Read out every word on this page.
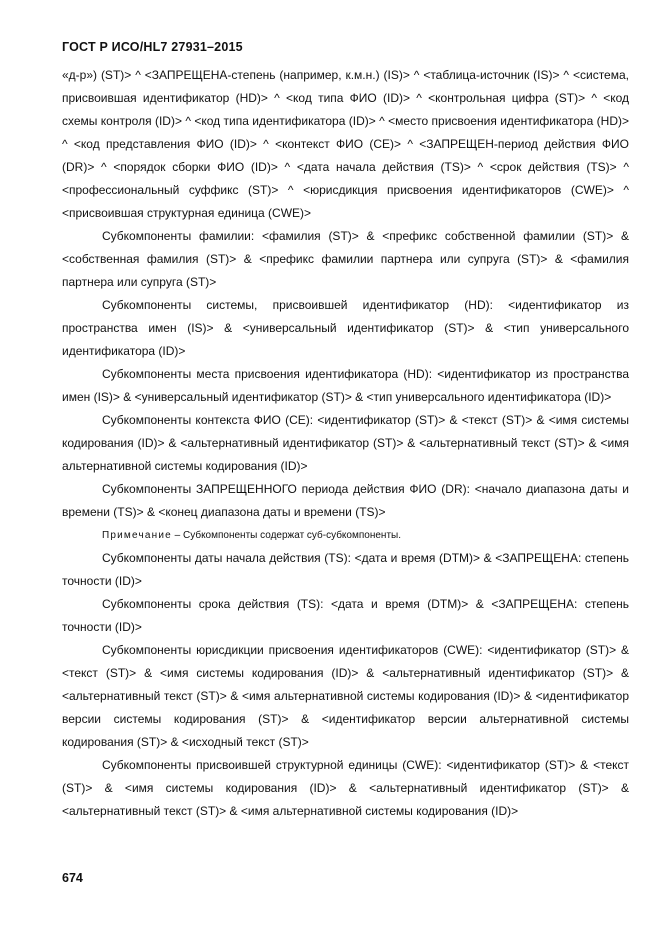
ГОСТ Р ИСО/HL7 27931–2015

«д-р») (ST)> ^ <ЗАПРЕЩЕНА-степень (например, к.м.н.) (IS)> ^ <таблица-источник (IS)> ^ <система, присвоившая идентификатор (HD)> ^ <код типа ФИО (ID)> ^ <контрольная цифра (ST)> ^ <код схемы контроля (ID)> ^ <код типа идентификатора (ID)> ^ <место присвоения идентификатора (HD)> ^ <код представления ФИО (ID)> ^ <контекст ФИО (CE)> ^ <ЗАПРЕЩЕН-период действия ФИО (DR)> ^ <порядок сборки ФИО (ID)> ^ <дата начала действия (TS)> ^ <срок действия (TS)> ^ <профессиональный суффикс (ST)> ^ <юрисдикция присвоения идентификаторов (CWE)> ^ <присвоившая структурная единица (CWE)>

Субкомпоненты фамилии: <фамилия (ST)> & <префикс собственной фамилии (ST)> & <собственная фамилия (ST)> & <префикс фамилии партнера или супруга (ST)> & <фамилия партнера или супруга (ST)>

Субкомпоненты системы, присвоившей идентификатор (HD): <идентификатор из пространства имен (IS)> & <универсальный идентификатор (ST)> & <тип универсального идентификатора (ID)>

Субкомпоненты места присвоения идентификатора (HD): <идентификатор из пространства имен (IS)> & <универсальный идентификатор (ST)> & <тип универсального идентификатора (ID)>

Субкомпоненты контекста ФИО (CE): <идентификатор (ST)> & <текст (ST)> & <имя системы кодирования (ID)> & <альтернативный идентификатор (ST)> & <альтернативный текст (ST)> & <имя альтернативной системы кодирования (ID)>

Субкомпоненты ЗАПРЕЩЕННОГО периода действия ФИО (DR): <начало диапазона даты и времени (TS)> & <конец диапазона даты и времени (TS)>

Примечание – Субкомпоненты содержат суб-субкомпоненты.

Субкомпоненты даты начала действия (TS): <дата и время (DTM)> & <ЗАПРЕЩЕНА: степень точности (ID)>

Субкомпоненты срока действия (TS): <дата и время (DTM)> & <ЗАПРЕЩЕНА: степень точности (ID)>

Субкомпоненты юрисдикции присвоения идентификаторов (CWE): <идентификатор (ST)> & <текст (ST)> & <имя системы кодирования (ID)> & <альтернативный идентификатор (ST)> & <альтернативный текст (ST)> & <имя альтернативной системы кодирования (ID)> & <идентификатор версии системы кодирования (ST)> & <идентификатор версии альтернативной системы кодирования (ST)> & <исходный текст (ST)>

Субкомпоненты присвоившей структурной единицы (CWE): <идентификатор (ST)> & <текст (ST)> & <имя системы кодирования (ID)> & <альтернативный идентификатор (ST)> & <альтернативный текст (ST)> & <имя альтернативной системы кодирования (ID)>

674
